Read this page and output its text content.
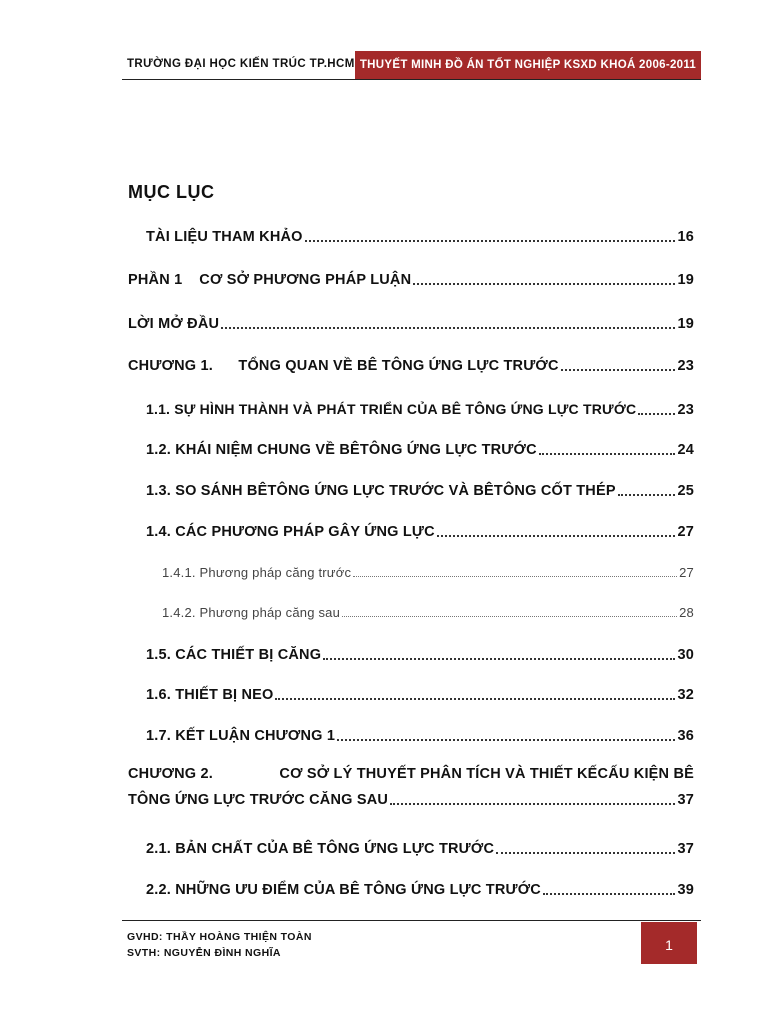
TRƯỜNG ĐẠI HỌC KIẾN TRÚC TP.HCM THUYẾT MINH ĐỒ ÁN TỐT NGHIỆP KSXD KHOÁ 2006-2011
MỤC LỤC
TÀI LIỆU THAM KHẢO	16
PHẦN 1    CƠ SỞ PHƯƠNG PHÁP LUẬN	19
LỜI MỞ ĐẦU	19
CHƯƠNG 1.      TỔNG QUAN VỀ BÊ TÔNG ỨNG LỰC TRƯỚC	23
1.1. SỰ HÌNH THÀNH VÀ PHÁT TRIỂN CỦA BÊ TÔNG ỨNG LỰC TRƯỚC	23
1.2. KHÁI NIỆM CHUNG VỀ BÊTÔNG ỨNG LỰC TRƯỚC	24
1.3. SO SÁNH BÊTÔNG ỨNG LỰC TRƯỚC VÀ BÊTÔNG CỐT THÉP	25
1.4. CÁC PHƯƠNG PHÁP GÂY ỨNG LỰC	27
1.4.1. Phương pháp căng trước	27
1.4.2. Phương pháp căng sau	28
1.5. CÁC THIẾT BỊ CĂNG	30
1.6. THIẾT BỊ NEO	32
1.7. KẾT LUẬN CHƯƠNG 1	36
CHƯƠNG 2.	CƠ SỞ LÝ THUYẾT PHÂN TÍCH VÀ THIẾT KẾCẤU KIỆN BÊ
TÔNG ỨNG LỰC TRƯỚC CĂNG SAU	37
2.1. BẢN CHẤT CỦA BÊ TÔNG ỨNG LỰC TRƯỚC	37
2.2. NHỮNG ƯU ĐIỂM CỦA BÊ TÔNG ỨNG LỰC TRƯỚC	39
GVHD: THẦY HOÀNG THIỆN TOÀN
SVTH: NGUYỄN ĐÌNH NGHĨA	1
